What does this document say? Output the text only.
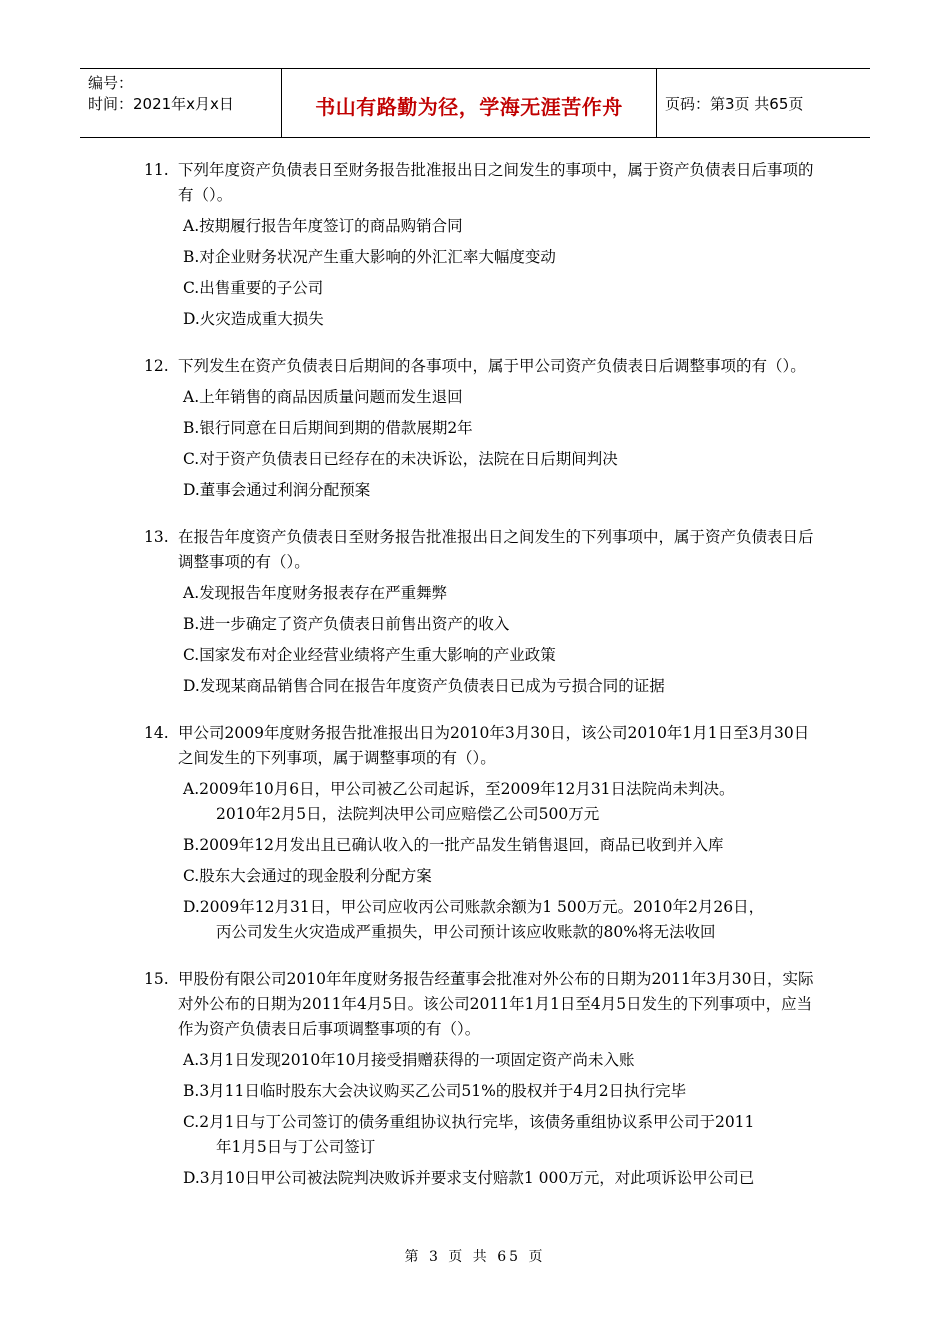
编号：
时间：2021年x月x日	书山有路勤为径，学海无涯苦作舟	页码：第3页 共65页
11. 下列年度资产负债表日至财务报告批准报出日之间发生的事项中，属于资产负债表日后事项的有（）。
A.按期履行报告年度签订的商品购销合同
B.对企业财务状况产生重大影响的外汇汇率大幅度变动
C.出售重要的子公司
D.火灾造成重大损失
12. 下列发生在资产负债表日后期间的各事项中，属于甲公司资产负债表日后调整事项的有（）。
A.上年销售的商品因质量问题而发生退回
B.银行同意在日后期间到期的借款展期2年
C.对于资产负债表日已经存在的未决诉讼，法院在日后期间判决
D.董事会通过利润分配预案
13. 在报告年度资产负债表日至财务报告批准报出日之间发生的下列事项中，属于资产负债表日后调整事项的有（）。
A.发现报告年度财务报表存在严重舞弊
B.进一步确定了资产负债表日前售出资产的收入
C.国家发布对企业经营业绩将产生重大影响的产业政策
D.发现某商品销售合同在报告年度资产负债表日已成为亏损合同的证据
14. 甲公司2009年度财务报告批准报出日为2010年3月30日，该公司2010年1月1日至3月30日之间发生的下列事项，属于调整事项的有（）。
A.2009年10月6日，甲公司被乙公司起诉，至2009年12月31日法院尚未判决。
2010年2月5日，法院判决甲公司应赔偿乙公司500万元
B.2009年12月发出且已确认收入的一批产品发生销售退回，商品已收到并入库
C.股东大会通过的现金股利分配方案
D.2009年12月31日，甲公司应收丙公司账款余额为1 500万元。2010年2月26日，
丙公司发生火灾造成严重损失，甲公司预计该应收账款的80%将无法收回
15. 甲股份有限公司2010年年度财务报告经董事会批准对外公布的日期为2011年3月30日，实际对外公布的日期为2011年4月5日。该公司2011年1月1日至4月5日发生的下列事项中，应当作为资产负债表日后事项调整事项的有（）。
A.3月1日发现2010年10月接受捐赠获得的一项固定资产尚未入账
B.3月11日临时股东大会决议购买乙公司51%的股权并于4月2日执行完毕
C.2月1日与丁公司签订的债务重组协议执行完毕，该债务重组协议系甲公司于2011
年1月5日与丁公司签订
D.3月10日甲公司被法院判决败诉并要求支付赔款1 000万元，对此项诉讼甲公司已
第 3 页 共 65 页
